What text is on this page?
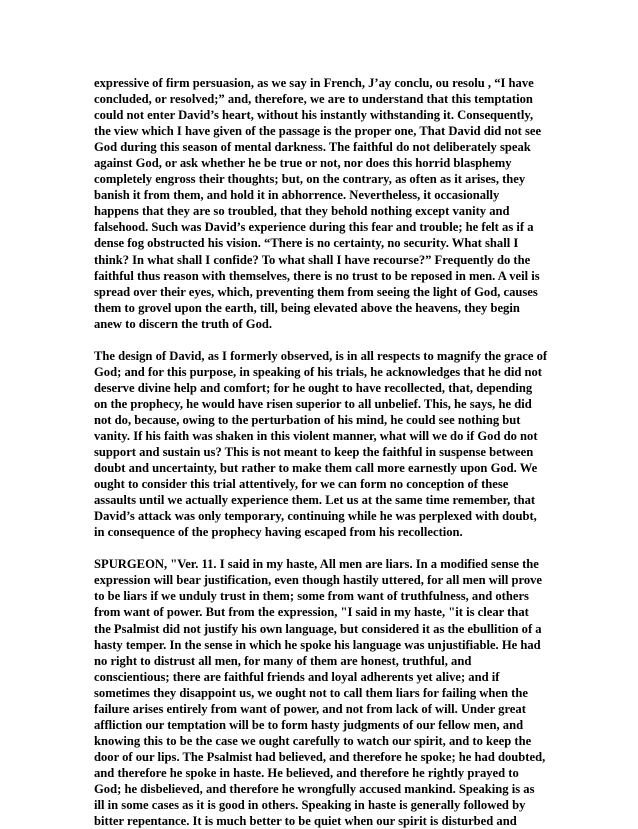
expressive of firm persuasion, as we say in French, J’ay conclu, ou resolu , “I have
concluded, or resolved;” and, therefore, we are to understand that this temptation
could not enter David’s heart, without his instantly withstanding it. Consequently,
the view which I have given of the passage is the proper one, That David did not see
God during this season of mental darkness. The faithful do not deliberately speak
against God, or ask whether he be true or not, nor does this horrid blasphemy
completely engross their thoughts; but, on the contrary, as often as it arises, they
banish it from them, and hold it in abhorrence. Nevertheless, it occasionally
happens that they are so troubled, that they behold nothing except vanity and
falsehood. Such was David’s experience during this fear and trouble; he felt as if a
dense fog obstructed his vision. “There is no certainty, no security. What shall I
think? In what shall I confide? To what shall I have recourse?” Frequently do the
faithful thus reason with themselves, there is no trust to be reposed in men. A veil is
spread over their eyes, which, preventing them from seeing the light of God, causes
them to grovel upon the earth, till, being elevated above the heavens, they begin
anew to discern the truth of God.

The design of David, as I formerly observed, is in all respects to magnify the grace of
God; and for this purpose, in speaking of his trials, he acknowledges that he did not
deserve divine help and comfort; for he ought to have recollected, that, depending
on the prophecy, he would have risen superior to all unbelief. This, he says, he did
not do, because, owing to the perturbation of his mind, he could see nothing but
vanity. If his faith was shaken in this violent manner, what will we do if God do not
support and sustain us? This is not meant to keep the faithful in suspense between
doubt and uncertainty, but rather to make them call more earnestly upon God. We
ought to consider this trial attentively, for we can form no conception of these
assaults until we actually experience them. Let us at the same time remember, that
David’s attack was only temporary, continuing while he was perplexed with doubt,
in consequence of the prophecy having escaped from his recollection.

SPURGEON, "Ver. 11. I said in my haste, All men are liars. In a modified sense the
expression will bear justification, even though hastily uttered, for all men will prove
to be liars if we unduly trust in them; some from want of truthfulness, and others
from want of power. But from the expression, "I said in my haste, "it is clear that
the Psalmist did not justify his own language, but considered it as the ebullition of a
hasty temper. In the sense in which he spoke his language was unjustifiable. He had
no right to distrust all men, for many of them are honest, truthful, and
conscientious; there are faithful friends and loyal adherents yet alive; and if
sometimes they disappoint us, we ought not to call them liars for failing when the
failure arises entirely from want of power, and not from lack of will. Under great
affliction our temptation will be to form hasty judgments of our fellow men, and
knowing this to be the case we ought carefully to watch our spirit, and to keep the
door of our lips. The Psalmist had believed, and therefore he spoke; he had doubted,
and therefore he spoke in haste. He believed, and therefore he rightly prayed to
God; he disbelieved, and therefore he wrongfully accused mankind. Speaking is as
ill in some cases as it is good in others. Speaking in haste is generally followed by
bitter repentance. It is much better to be quiet when our spirit is disturbed and
